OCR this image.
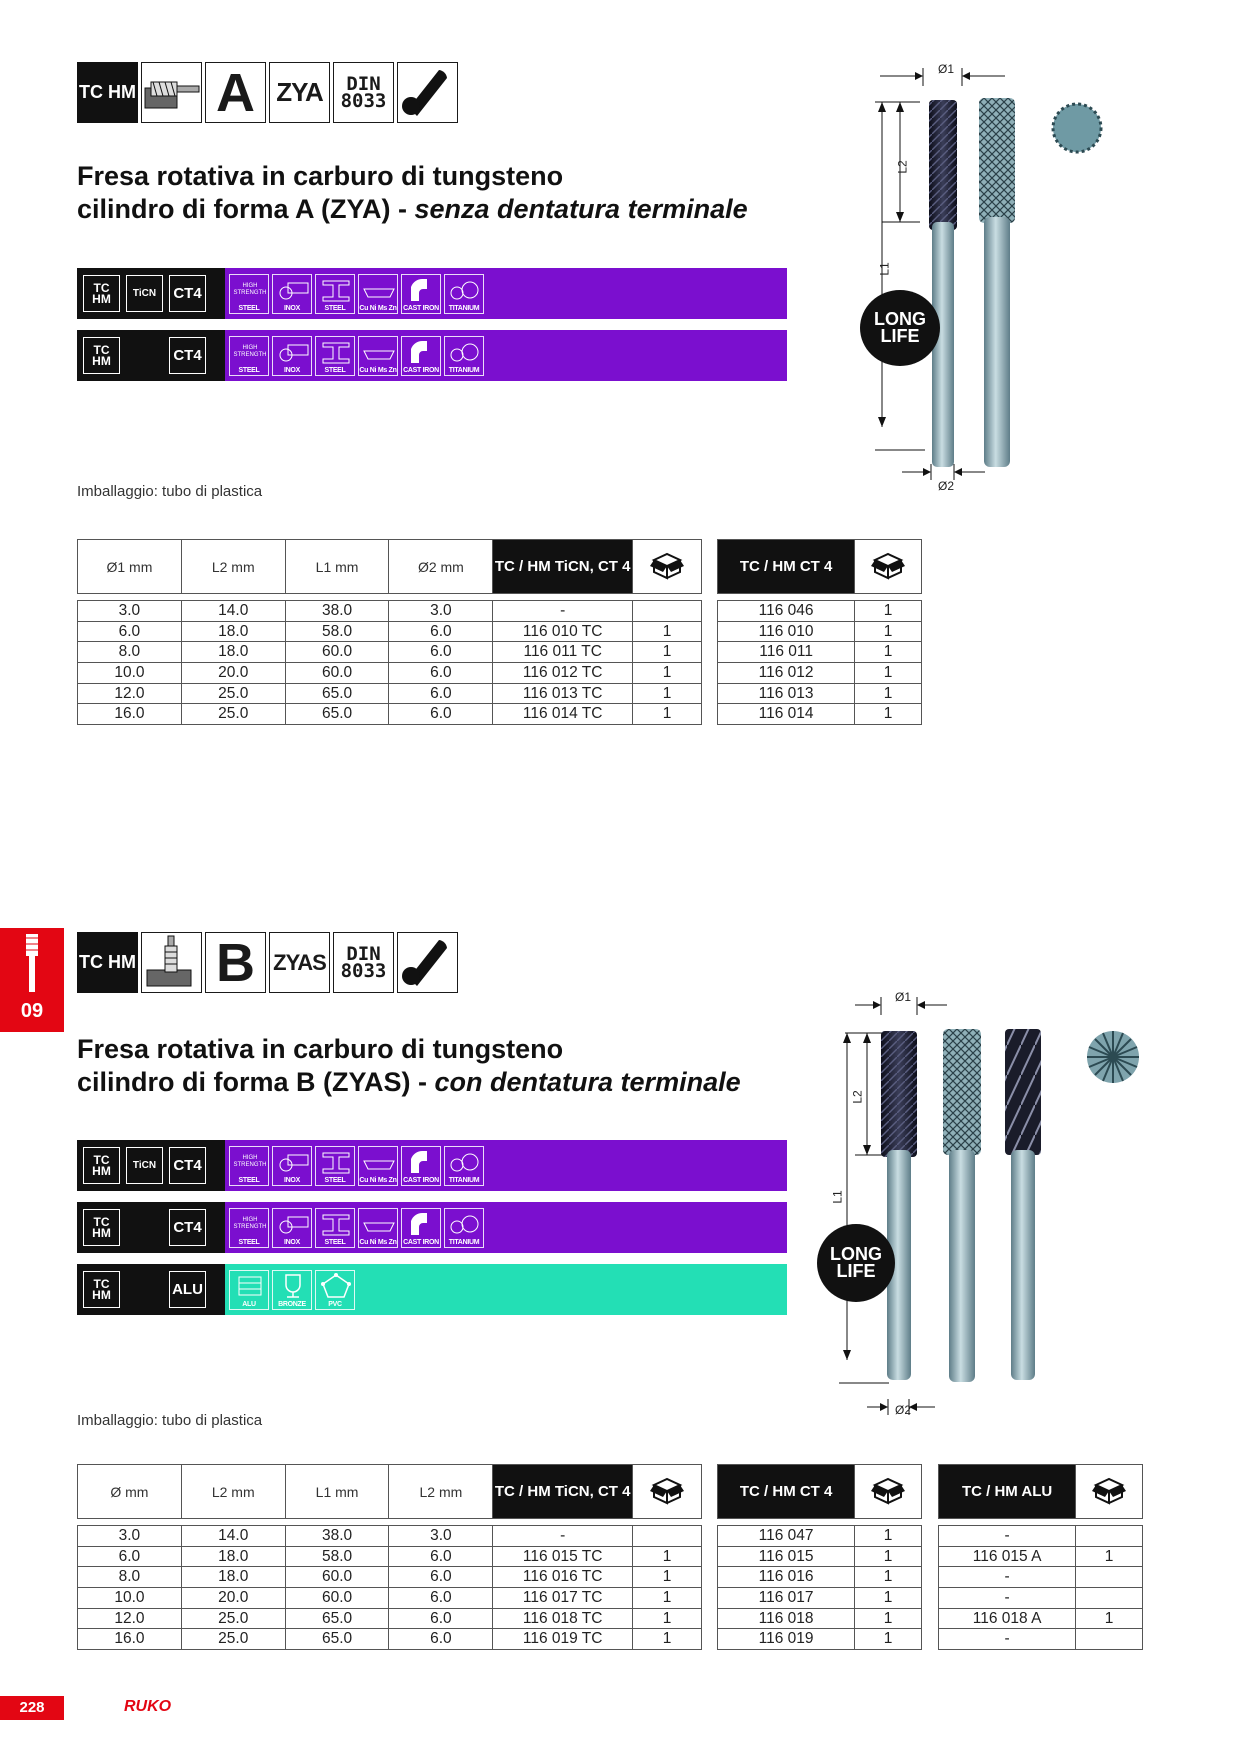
TC HM A ZYA	DIN
8033
Fresa rotativa in carburo di tungsteno
cilindro di forma A (ZYA) - senza dentatura terminale
TC HM	TiCN	CT4	HIGH
STRENGTH
STEEL	INOX	STEEL	Cu Ni Ms Zn CAST IRON	TITANIUM
TC HM	CT4	HIGH
STRENGTH
STEEL	INOX	STEEL	Cu Ni Ms Zn CAST IRON	TITANIUM
Imballaggio: tubo di plastica
Ø1
Ø2
L2
L1
LONG LIFE
Ø1 mm	L2 mm	L1 mm	Ø2 mm	TC / HM TiCN, CT 4	

3.0	14.0	38.0	3.0	-	
6.0	18.0	58.0	6.0	116 010 TC	1
8.0	18.0	60.0	6.0	116 011 TC	1
10.0	20.0	60.0	6.0	116 012 TC	1
12.0	25.0	65.0	6.0	116 013 TC	1
16.0	25.0	65.0	6.0	116 014 TC	1
TC / HM CT 4	

116 046	1
116 010	1
116 011	1
116 012	1
116 013	1
116 014	1
09
TC HM B ZYAS	DIN
8033
Fresa rotativa in carburo di tungsteno
cilindro di forma B (ZYAS) - con dentatura terminale
TC HM	TiCN	CT4	HIGH
STRENGTH
STEEL	INOX	STEEL	Cu Ni Ms Zn CAST IRON	TITANIUM
TC HM	CT4	HIGH
STRENGTH
STEEL	INOX	STEEL	Cu Ni Ms Zn CAST IRON	TITANIUM
TC HM	ALU
ALU	BRONZE	PVC
Imballaggio: tubo di plastica
Ø1
Ø2
L2
L1
LONG LIFE
Ø mm	L2 mm	L1 mm	L2 mm	TC / HM TiCN, CT 4	

3.0	14.0	38.0	3.0	-	
6.0	18.0	58.0	6.0	116 015 TC	1
8.0	18.0	60.0	6.0	116 016 TC	1
10.0	20.0	60.0	6.0	116 017 TC	1
12.0	25.0	65.0	6.0	116 018 TC	1
16.0	25.0	65.0	6.0	116 019 TC	1
TC / HM CT 4	

116 047	1
116 015	1
116 016	1
116 017	1
116 018	1
116 019	1
TC / HM ALU	

-	
116 015 A	1
-	
-	
116 018 A	1
-	
228	RUKO
